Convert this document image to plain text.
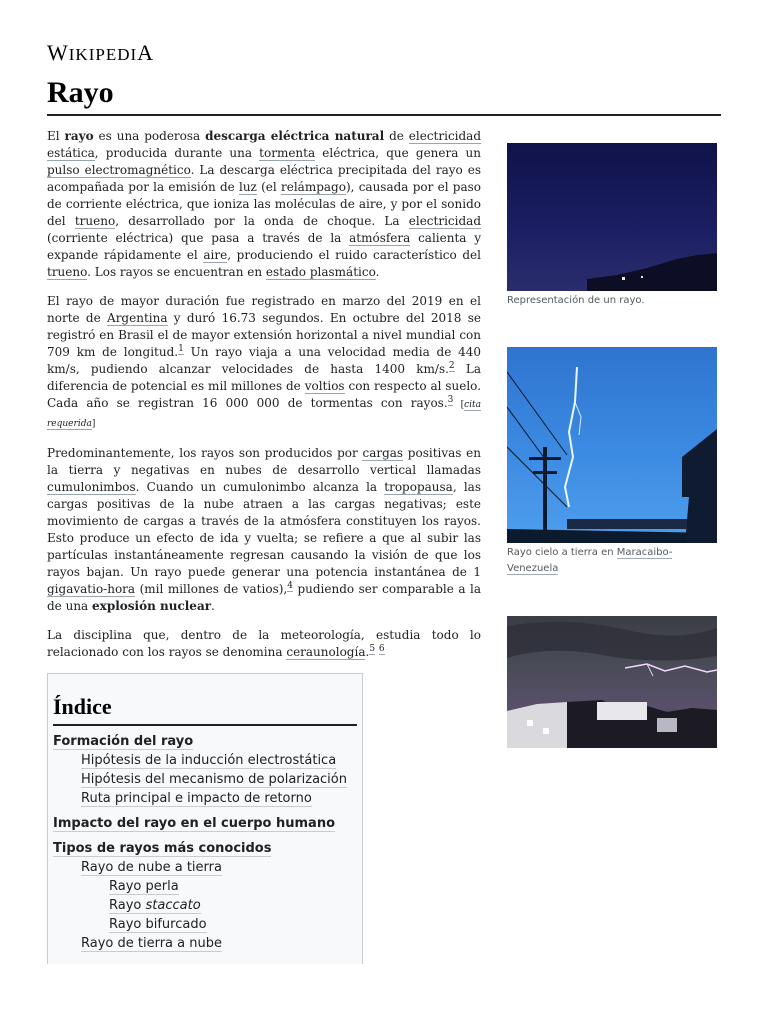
WIKIPEDIA
Rayo

El rayo es una poderosa descarga eléctrica natural de electricidad estática, producida durante una tormenta eléctrica, que genera un pulso electromagnético. La descarga eléctrica precipitada del rayo es acompañada por la emisión de luz (el relámpago), causada por el paso de corriente eléctrica, que ioniza las moléculas de aire, y por el sonido del trueno, desarrollado por la onda de choque. La electricidad (corriente eléctrica) que pasa a través de la atmósfera calienta y expande rápidamente el aire, produciendo el ruido característico del trueno. Los rayos se encuentran en estado plasmático.

El rayo de mayor duración fue registrado en marzo del 2019 en el norte de Argentina y duró 16.73 segundos. En octubre del 2018 se registró en Brasil el de mayor extensión horizontal a nivel mundial con 709 km de longitud.$^1$ Un rayo viaja a una velocidad media de 440 km/s, pudiendo alcanzar velocidades de hasta 1400 km/s.$^2$ La diferencia de potencial es mil millones de voltios con respecto al suelo. Cada año se registran 16 000 000 de tormentas con rayos.$^3$ [cita requerida]

Predominantemente, los rayos son producidos por cargas positivas en la tierra y negativas en nubes de desarrollo vertical llamadas cumulonimbos. Cuando un cumulonimbo alcanza la tropopausa, las cargas positivas de la nube atraen a las cargas negativas; este movimiento de cargas a través de la atmósfera constituyen los rayos. Esto produce un efecto de ida y vuelta; se refiere a que al subir las partículas instantáneamente regresan causando la visión de que los rayos bajan. Un rayo puede generar una potencia instantánea de 1 gigavatio-hora (mil millones de vatios),$^4$ pudiendo ser comparable a la de una explosión nuclear.

La disciplina que, dentro de la meteorología, estudia todo lo relacionado con los rayos se denomina ceraunología.$^5$ $^6$

Índice
Formación del rayo
Hipótesis de la inducción electrostática
Hipótesis del mecanismo de polarización
Ruta principal e impacto de retorno
Impacto del rayo en el cuerpo humano
Tipos de rayos más conocidos
Rayo de nube a tierra
Rayo perla
Rayo staccato
Rayo bifurcado
Rayo de tierra a nube
Representación de un rayo.
Rayo cielo a tierra en Maracaibo-Venezuela
